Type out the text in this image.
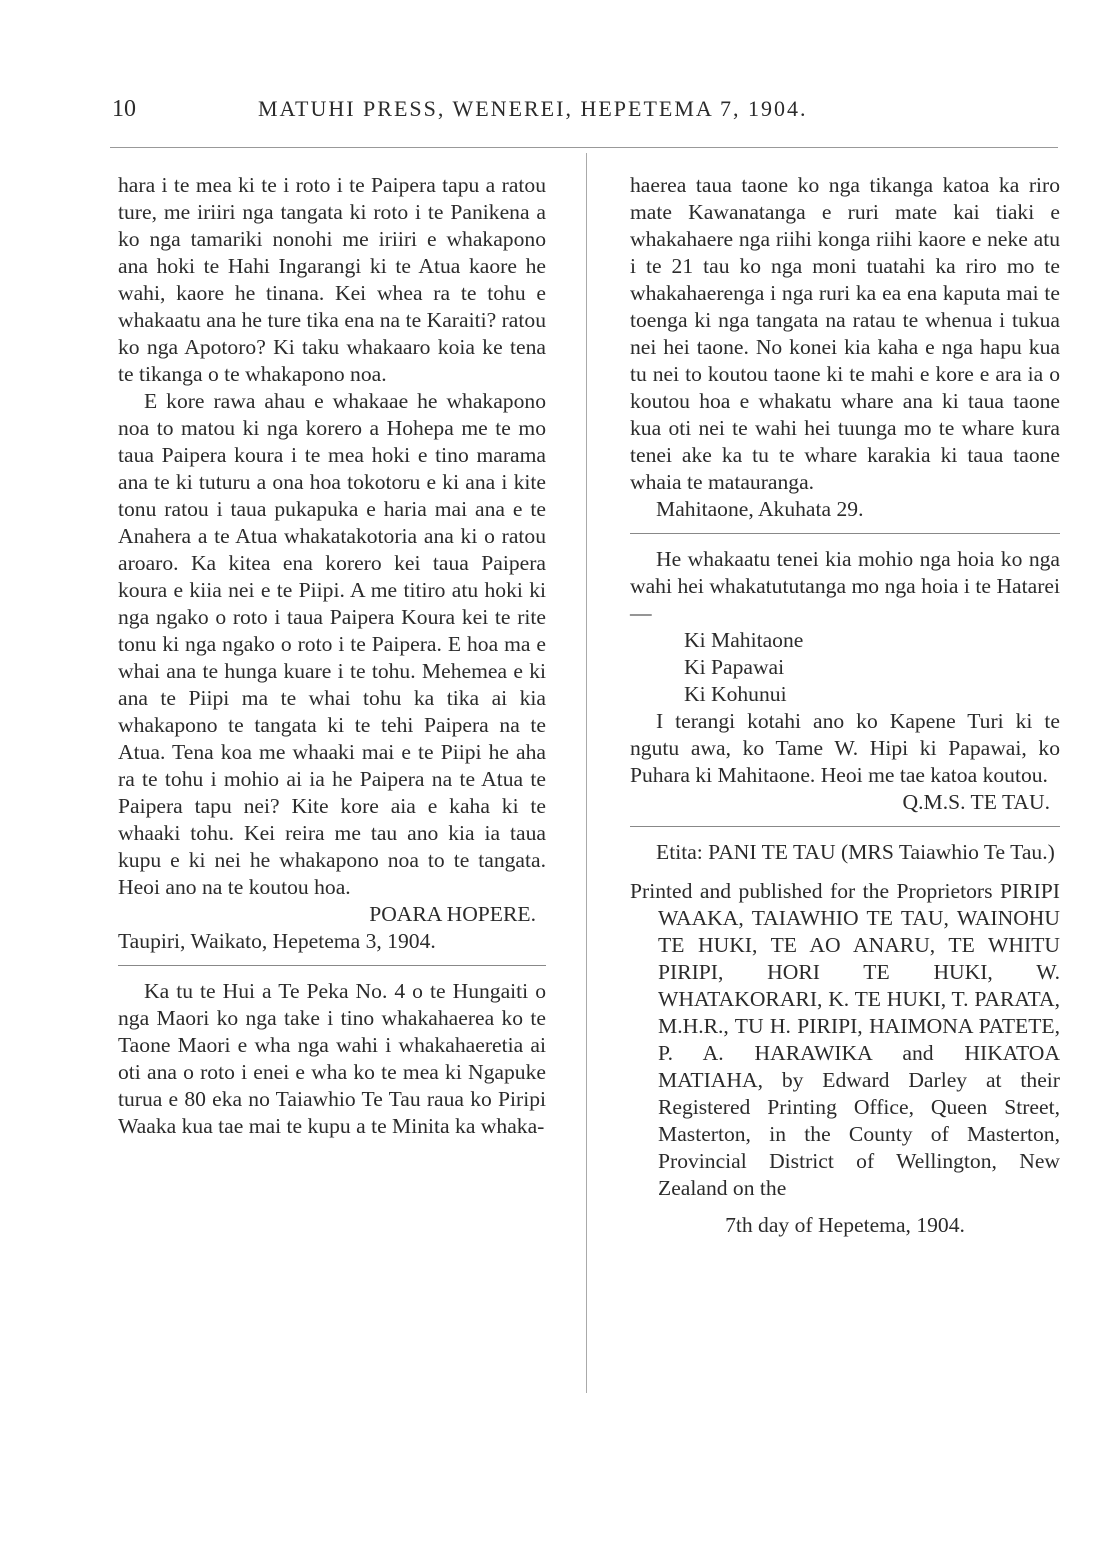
10	MATUHI PRESS, WENEREI, HEPETEMA 7, 1904.

hara i te mea ki te i roto i te Paipera tapu a ratou ture, me iriiri nga tangata ki roto i te Panikena a ko nga tamariki nonohi me iriiri e whakapono ana hoki te Hahi Ingarangi ki te Atua kaore he wahi, kaore he tinana. Kei whea ra te tohu e whakaatu ana he ture tika ena na te Karaiti? ratou ko nga Apotoro? Ki taku whakaaro koia ke tena te tikanga o te whakapono noa.

E kore rawa ahau e whakaae he whakapono noa to matou ki nga korero a Hohepa me te mo taua Paipera koura i te mea hoki e tino marama ana te ki tuturu a ona hoa tokotoru e ki ana i kite tonu ratou i taua pukapuka e haria mai ana e te Anahera a te Atua whakatakotoria ana ki o ratou aroaro. Ka kitea ena korero kei taua Paipera koura e kiia nei e te Piipi. A me titiro atu hoki ki nga ngako o roto i taua Paipera Koura kei te rite tonu ki nga ngako o roto i te Paipera. E hoa ma e whai ana te hunga kuare i te tohu. Mehemea e ki ana te Piipi ma te whai tohu ka tika ai kia whakapono te tangata ki te tehi Paipera na te Atua. Tena koa me whaaki mai e te Piipi he aha ra te tohu i mohio ai ia he Paipera na te Atua te Paipera tapu nei? Kite kore aia e kaha ki te whaaki tohu. Kei reira me tau ano kia ia taua kupu e ki nei he whakapono noa to te tangata. Heoi ano na te koutou hoa.

POARA HOPERE.
Taupiri, Waikato, Hepetema 3, 1904.

Ka tu te Hui a Te Peka No. 4 o te Hungaiti o nga Maori ko nga take i tino whakahaerea ko te Taone Maori e wha nga wahi i whakahaeretia ai oti ana o roto i enei e wha ko te mea ki Ngapuke turua e 80 eka no Taiawhio Te Tau raua ko Piripi Waaka kua tae mai te kupu a te Minita ka whaka-

haerea taua taone ko nga tikanga katoa ka riro mate Kawanatanga e ruri mate kai tiaki e whakahaere nga riihi konga riihi kaore e neke atu i te 21 tau ko nga moni tuatahi ka riro mo te whakahaerenga i nga ruri ka ea ena kaputa mai te toenga ki nga tangata na ratau te whenua i tukua nei hei taone. No konei kia kaha e nga hapu kua tu nei to koutou taone ki te mahi e kore e ara ia o koutou hoa e whakatu whare ana ki taua taone kua oti nei te wahi hei tuunga mo te whare kura tenei ake ka tu te whare karakia ki taua taone whaia te matauranga.

Mahitaone, Akuhata 29.

He whakaatu tenei kia mohio nga hoia ko nga wahi hei whakatututanga mo nga hoia i te Hatarei—

Ki Mahitaone
Ki Papawai
Ki Kohunui

I terangi kotahi ano ko Kapene Turi ki te ngutu awa, ko Tame W. Hipi ki Papawai, ko Puhara ki Mahitaone. Heoi me tae katoa koutou.

Q.M.S. TE TAU.

Etita: PANI TE TAU (MRS Taiawhio Te Tau.)

Printed and published for the Proprietors PIRIPI WAAKA, TAIAWHIO TE TAU, WAINOHU TE HUKI, TE AO ANARU, TE WHITU PIRIPI, HORI TE HUKI, W. WHATAKORARI, K. TE HUKI, T. PARATA, M.H.R., TU H. PIRIPI, HAIMONA PATETE, P. A. HARAWIKA and HIKATOA MATIAHA, by Edward Darley at their Registered Printing Office, Queen Street, Masterton, in the County of Masterton, Provincial District of Wellington, New Zealand on the

7th day of Hepetema, 1904.
